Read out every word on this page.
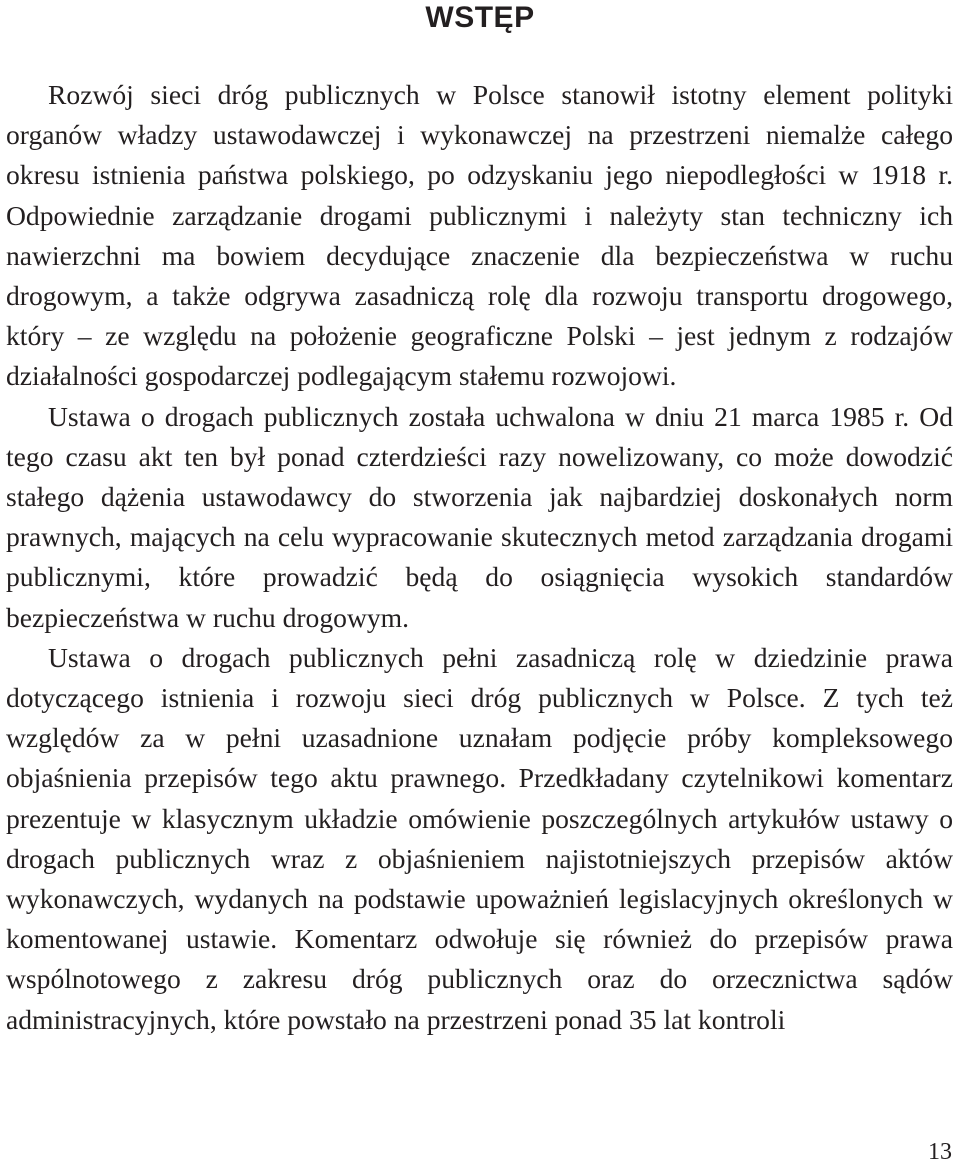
WSTĘP

Rozwój sieci dróg publicznych w Polsce stanowił istotny element polityki organów władzy ustawodawczej i wykonawczej na przestrzeni niemalże całego okresu istnienia państwa polskiego, po odzyskaniu jego niepodległości w 1918 r. Odpowiednie zarządzanie drogami publicznymi i należyty stan techniczny ich nawierzchni ma bowiem decydujące znaczenie dla bezpieczeństwa w ruchu drogowym, a także odgrywa zasadniczą rolę dla rozwoju transportu drogowego, który – ze względu na położenie geograficzne Polski – jest jednym z rodzajów działalności gospodarczej podlegającym stałemu rozwojowi.

Ustawa o drogach publicznych została uchwalona w dniu 21 marca 1985 r. Od tego czasu akt ten był ponad czterdzieści razy nowelizowany, co może dowodzić stałego dążenia ustawodawcy do stworzenia jak najbardziej doskonałych norm prawnych, mających na celu wypracowanie skutecznych metod zarządzania drogami publicznymi, które prowadzić będą do osiągnięcia wysokich standardów bezpieczeństwa w ruchu drogowym.

Ustawa o drogach publicznych pełni zasadniczą rolę w dziedzinie prawa dotyczącego istnienia i rozwoju sieci dróg publicznych w Polsce. Z tych też względów za w pełni uzasadnione uznałam podjęcie próby kompleksowego objaśnienia przepisów tego aktu prawnego. Przedkładany czytelnikowi komentarz prezentuje w klasycznym układzie omówienie poszczególnych artykułów ustawy o drogach publicznych wraz z objaśnieniem najistotniejszych przepisów aktów wykonawczych, wydanych na podstawie upoważnień legislacyjnych określonych w komentowanej ustawie. Komentarz odwołuje się również do przepisów prawa wspólnotowego z zakresu dróg publicznych oraz do orzecznictwa sądów administracyjnych, które powstało na przestrzeni ponad 35 lat kontroli

13
